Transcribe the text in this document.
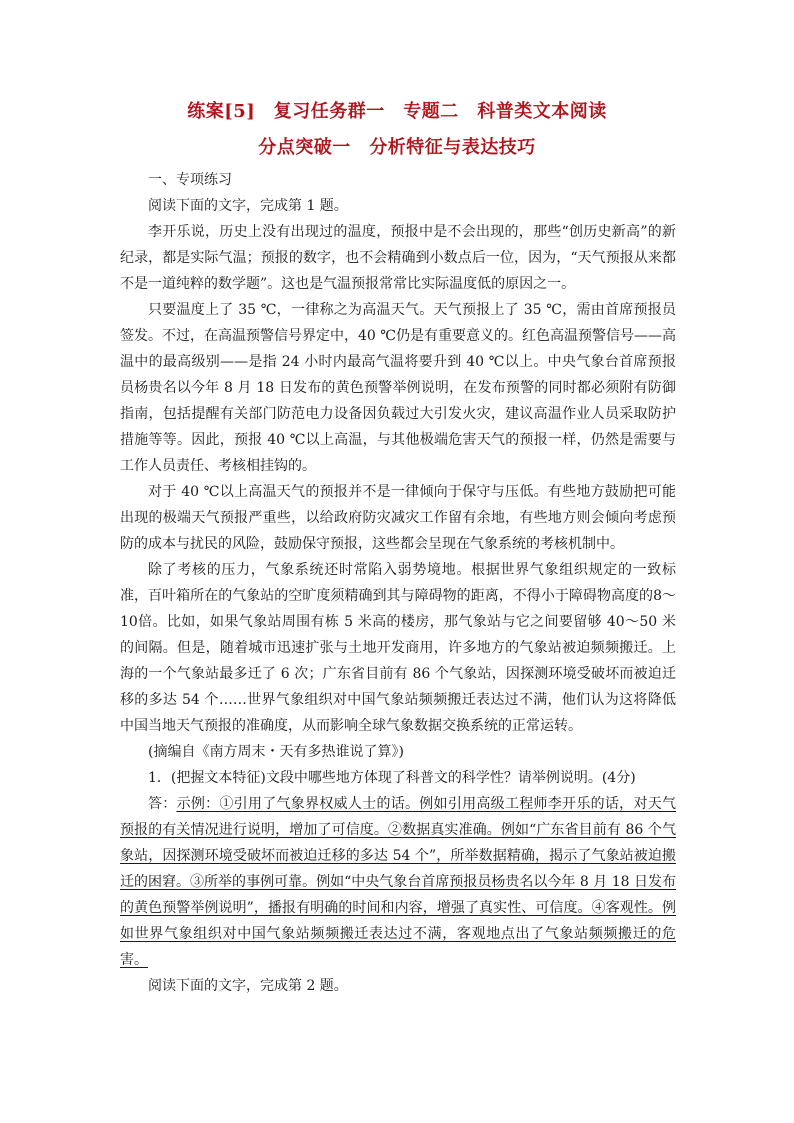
练案[5]　复习任务群一　专题二　科普类文本阅读
分点突破一　分析特征与表达技巧

一、专项练习

阅读下面的文字，完成第 1 题。

李开乐说，历史上没有出现过的温度，预报中是不会出现的，那些“创历史新高”的新纪录，都是实际气温；预报的数字，也不会精确到小数点后一位，因为，“天气预报从来都不是一道纯粹的数学题”。这也是气温预报常常比实际温度低的原因之一。

只要温度上了 35 ℃，一律称之为高温天气。天气预报上了 35 ℃，需由首席预报员签发。不过，在高温预警信号界定中，40 ℃仍是有重要意义的。红色高温预警信号——高温中的最高级别——是指 24 小时内最高气温将要升到 40 ℃以上。中央气象台首席预报员杨贵名以今年 8 月 18 日发布的黄色预警举例说明，在发布预警的同时都必须附有防御指南，包括提醒有关部门防范电力设备因负载过大引发火灾，建议高温作业人员采取防护措施等等。因此，预报 40 ℃以上高温，与其他极端危害天气的预报一样，仍然是需要与工作人员责任、考核相挂钩的。

对于 40 ℃以上高温天气的预报并不是一律倾向于保守与压低。有些地方鼓励把可能出现的极端天气预报严重些，以给政府防灾减灾工作留有余地，有些地方则会倾向考虑预防的成本与扰民的风险，鼓励保守预报，这些都会呈现在气象系统的考核机制中。

除了考核的压力，气象系统还时常陷入弱势境地。根据世界气象组织规定的一致标准，百叶箱所在的气象站的空旷度须精确到其与障碍物的距离，不得小于障碍物高度的8～10倍。比如，如果气象站周围有栋 5 米高的楼房，那气象站与它之间要留够 40～50 米的间隔。但是，随着城市迅速扩张与土地开发商用，许多地方的气象站被迫频频搬迁。上海的一个气象站最多迁了 6 次；广东省目前有 86 个气象站，因探测环境受破坏而被迫迁移的多达 54 个……世界气象组织对中国气象站频频搬迁表达过不满，他们认为这将降低中国当地天气预报的准确度，从而影响全球气象数据交换系统的正常运转。

(摘编自《南方周末・天有多热谁说了算》)

1．(把握文本特征)文段中哪些地方体现了科普文的科学性？请举例说明。(4分)

答：示例：①引用了气象界权威人士的话。例如引用高级工程师李开乐的话，对天气预报的有关情况进行说明，增加了可信度。②数据真实准确。例如“广东省目前有 86 个气象站，因探测环境受破坏而被迫迁移的多达 54 个”，所举数据精确，揭示了气象站被迫搬迁的困窘。③所举的事例可靠。例如“中央气象台首席预报员杨贵名以今年 8 月 18 日发布的黄色预警举例说明”，播报有明确的时间和内容，增强了真实性、可信度。④客观性。例如世界气象组织对中国气象站频频搬迁表达过不满，客观地点出了气象站频频搬迁的危害。

阅读下面的文字，完成第 2 题。
